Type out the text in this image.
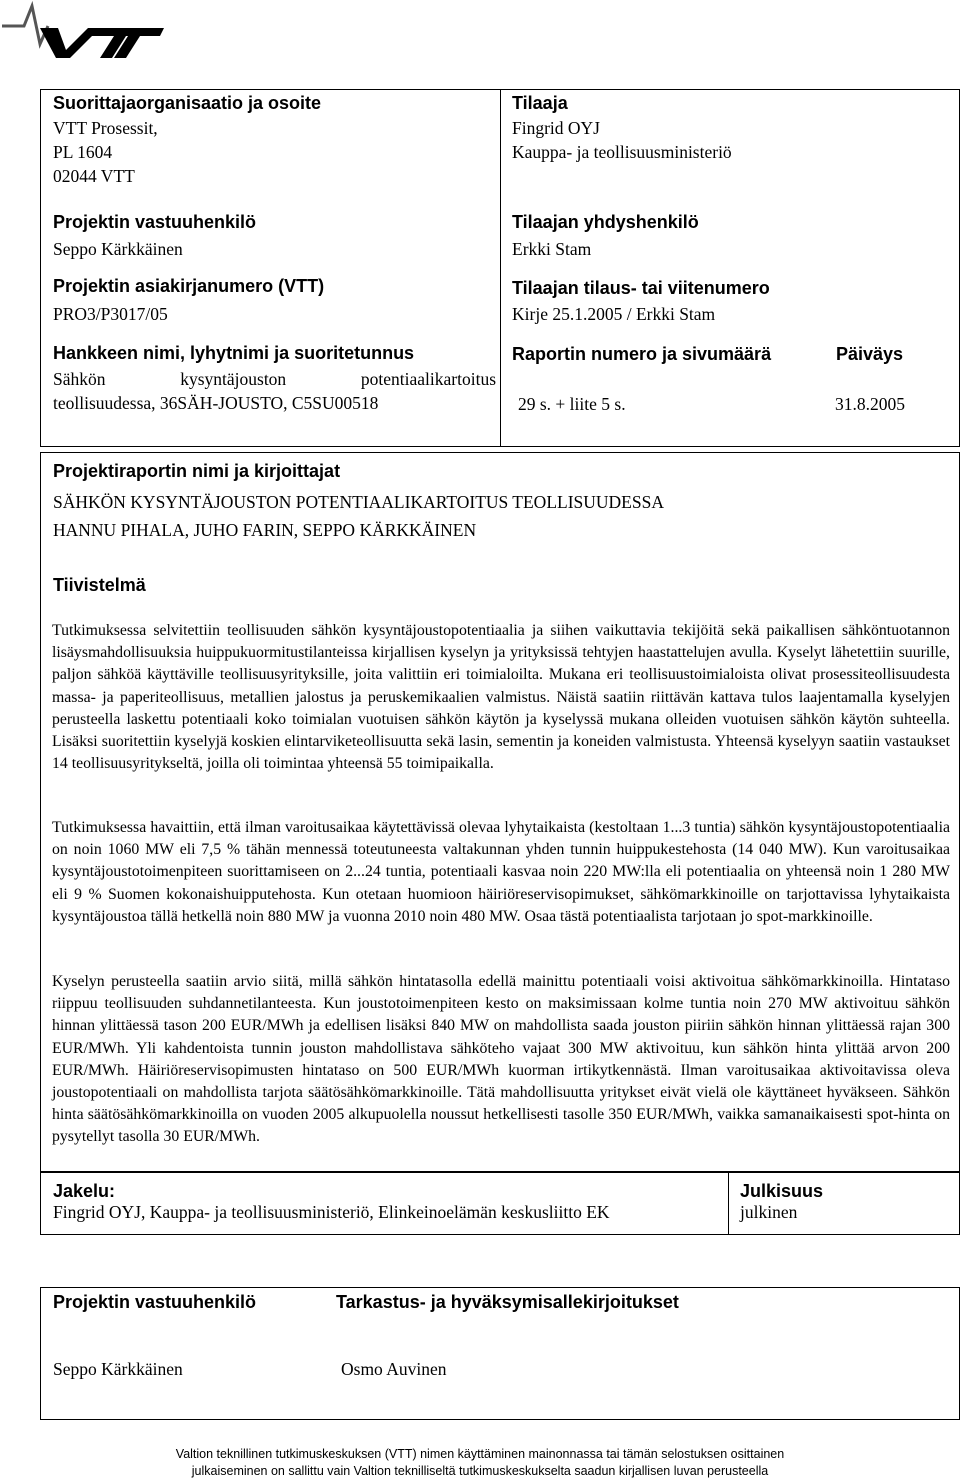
Suorittajaorganisaatio ja osoite
VTT Prosessit,
PL 1604
02044 VTT
Tilaaja
Fingrid OYJ
Kauppa- ja teollisuusministeriö
Projektin vastuuhenkilö
Seppo Kärkkäinen
Tilaajan yhdyshenkilö
Erkki Stam
Projektin asiakirjanumero (VTT)
PRO3/P3017/05
Tilaajan tilaus- tai viitenumero
Kirje 25.1.2005 / Erkki Stam
Hankkeen nimi, lyhytnimi ja suoritetunnus
Sähkön kysyntäjouston potentiaalikartoitus
teollisuudessa, 36SÄH-JOUSTO, C5SU00518
Raportin numero ja sivumäärä
29 s. + liite 5 s.
Päiväys
31.8.2005
Projektiraportin nimi ja kirjoittajat
SÄHKÖN KYSYNTÄJOUSTON POTENTIAALIKARTOITUS TEOLLISUUDESSA
HANNU PIHALA, JUHO FARIN, SEPPO KÄRKKÄINEN
Tiivistelmä

Tutkimuksessa selvitettiin teollisuuden sähkön kysyntäjoustopotentiaalia ja siihen vaikuttavia tekijöitä sekä paikallisen sähköntuotannon lisäysmahdollisuuksia huippukuormitustilanteissa kirjallisen kyselyn ja yrityksissä tehtyjen haastattelujen avulla. Kyselyt lähetettiin suurille, paljon sähköä käyttäville teollisuusyrityksille, joita valittiin eri toimialoilta. Mukana eri teollisuustoimialoista olivat prosessiteollisuudesta massa- ja paperiteollisuus, metallien jalostus ja peruskemikaalien valmistus. Näistä saatiin riittävän kattava tulos laajentamalla kyselyjen perusteella laskettu potentiaali koko toimialan vuotuisen sähkön käytön ja kyselyssä mukana olleiden vuotuisen sähkön käytön suhteella. Lisäksi suoritettiin kyselyjä koskien elintarviketeollisuutta sekä lasin, sementin ja koneiden valmistusta. Yhteensä kyselyyn saatiin vastaukset 14 teollisuusyritykseltä, joilla oli toimintaa yhteensä 55 toimipaikalla.

Tutkimuksessa havaittiin, että ilman varoitusaikaa käytettävissä olevaa lyhytaikaista (kestoltaan 1...3 tuntia) sähkön kysyntäjoustopotentiaalia on noin 1060 MW eli 7,5 % tähän mennessä toteutuneesta valtakunnan yhden tunnin huippukestehosta (14 040 MW). Kun varoitusaikaa kysyntäjoustotoimenpiteen suorittamiseen on 2...24 tuntia, potentiaali kasvaa noin 220 MW:lla eli potentiaalia on yhteensä noin 1 280 MW eli 9 % Suomen kokonaishuipputehosta. Kun otetaan huomioon häiriöreservisopimukset, sähkömarkkinoille on tarjottavissa lyhytaikaista kysyntäjoustoa tällä hetkellä noin 880 MW ja vuonna 2010 noin 480 MW. Osaa tästä potentiaalista tarjotaan jo spot-markkinoille.

Kyselyn perusteella saatiin arvio siitä, millä sähkön hintatasolla edellä mainittu potentiaali voisi aktivoitua sähkömarkkinoilla. Hintataso riippuu teollisuuden suhdannetilanteesta. Kun joustotoimenpiteen kesto on maksimissaan kolme tuntia noin 270 MW aktivoituu sähkön hinnan ylittäessä tason 200 EUR/MWh ja edellisen lisäksi 840 MW on mahdollista saada jouston piiriin sähkön hinnan ylittäessä rajan 300 EUR/MWh. Yli kahdentoista tunnin jouston mahdollistava sähköteho vajaat 300 MW aktivoituu, kun sähkön hinta ylittää arvon 200 EUR/MWh. Häiriöreservisopimusten hintataso on 500 EUR/MWh kuorman irtikytkennästä. Ilman varoitusaikaa aktivoitavissa oleva joustopotentiaali on mahdollista tarjota säätösähkömarkkinoille. Tätä mahdollisuutta yritykset eivät vielä ole käyttäneet hyväkseen. Sähkön hinta säätösähkömarkkinoilla on vuoden 2005 alkupuolella noussut hetkellisesti tasolle 350 EUR/MWh, vaikka samanaikaisesti spot-hinta on pysytellyt tasolla 30 EUR/MWh.

Jakelu:
Fingrid OYJ, Kauppa- ja teollisuusministeriö, Elinkeinoelämän keskusliitto EK
Julkisuus
julkinen
Projektin vastuuhenkilö	Tarkastus- ja hyväksymisallekirjoitukset
Seppo Kärkkäinen	Osmo Auvinen
Valtion teknillinen tutkimuskeskuksen (VTT) nimen käyttäminen mainonnassa tai tämän selostuksen osittainen
julkaiseminen on sallittu vain Valtion teknilliseltä tutkimuskeskukselta saadun kirjallisen luvan perusteella
